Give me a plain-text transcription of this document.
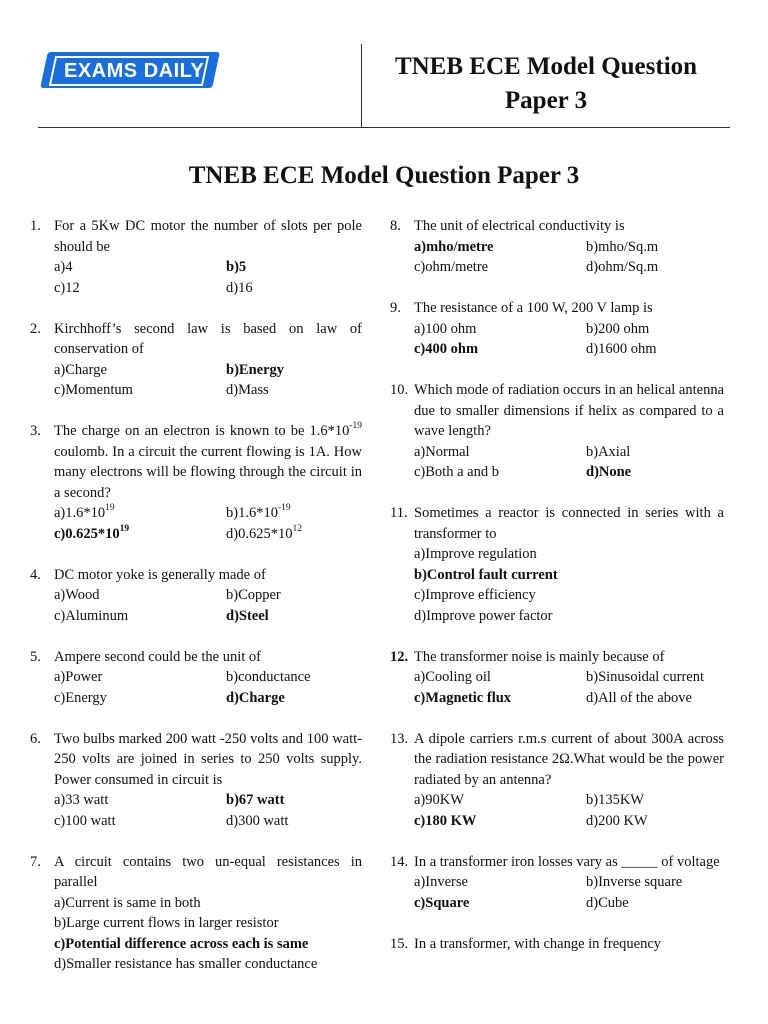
EXAMS DAILY	TNEB ECE Model Question
Paper 3
TNEB ECE Model Question Paper 3
1. For a 5Kw DC motor the number of slots per pole should be
a)4	b)5
c)12	d)16
2. Kirchhoff’s second law is based on law of conservation of
a)Charge	b)Energy
c)Momentum	d)Mass
3. The charge on an electron is known to be $1.6*10^{-19}$ coulomb. In a circuit the current flowing is 1A. How many electrons will be flowing through the circuit in a second?
$a)1.6*10^{19}$	$b)1.6*10^{-19}$
$c)0.625*10^{19}$	$d)0.625*10^{12}$
4. DC motor yoke is generally made of
a)Wood	b)Copper
c)Aluminum	d)Steel
5. Ampere second could be the unit of
a)Power	b)conductance
c)Energy	d)Charge
6. Two bulbs marked 200 watt -250 volts and 100 watt-250 volts are joined in series to 250 volts supply. Power consumed in circuit is
a)33 watt	b)67 watt
c)100 watt	d)300 watt
7. A circuit contains two un-equal resistances in parallel
a)Current is same in both
b)Large current flows in larger resistor
c)Potential difference across each is same
d)Smaller resistance has smaller conductance
8. The unit of electrical conductivity is
a)mho/metre	b)mho/Sq.m
c)ohm/metre	d)ohm/Sq.m
9. The resistance of a 100 W, 200 V lamp is
a)100 ohm	b)200 ohm
c)400 ohm	d)1600 ohm
10. Which mode of radiation occurs in an helical antenna due to smaller dimensions if helix as compared to a wave length?
a)Normal	b)Axial
c)Both a and b	d)None
11. Sometimes a reactor is connected in series with a transformer to
a)Improve regulation
b)Control fault current
c)Improve efficiency
d)Improve power factor
12. The transformer noise is mainly because of
a)Cooling oil	b)Sinusoidal current
c)Magnetic flux	d)All of the above
13. A dipole carriers r.m.s current of about 300A across the radiation resistance 2Ω.What would be the power radiated by an antenna?
a)90KW	b)135KW
c)180 KW	d)200 KW
14. In a transformer iron losses vary as _____ of voltage
a)Inverse	b)Inverse square
c)Square	d)Cube
15. In a transformer, with change in frequency
